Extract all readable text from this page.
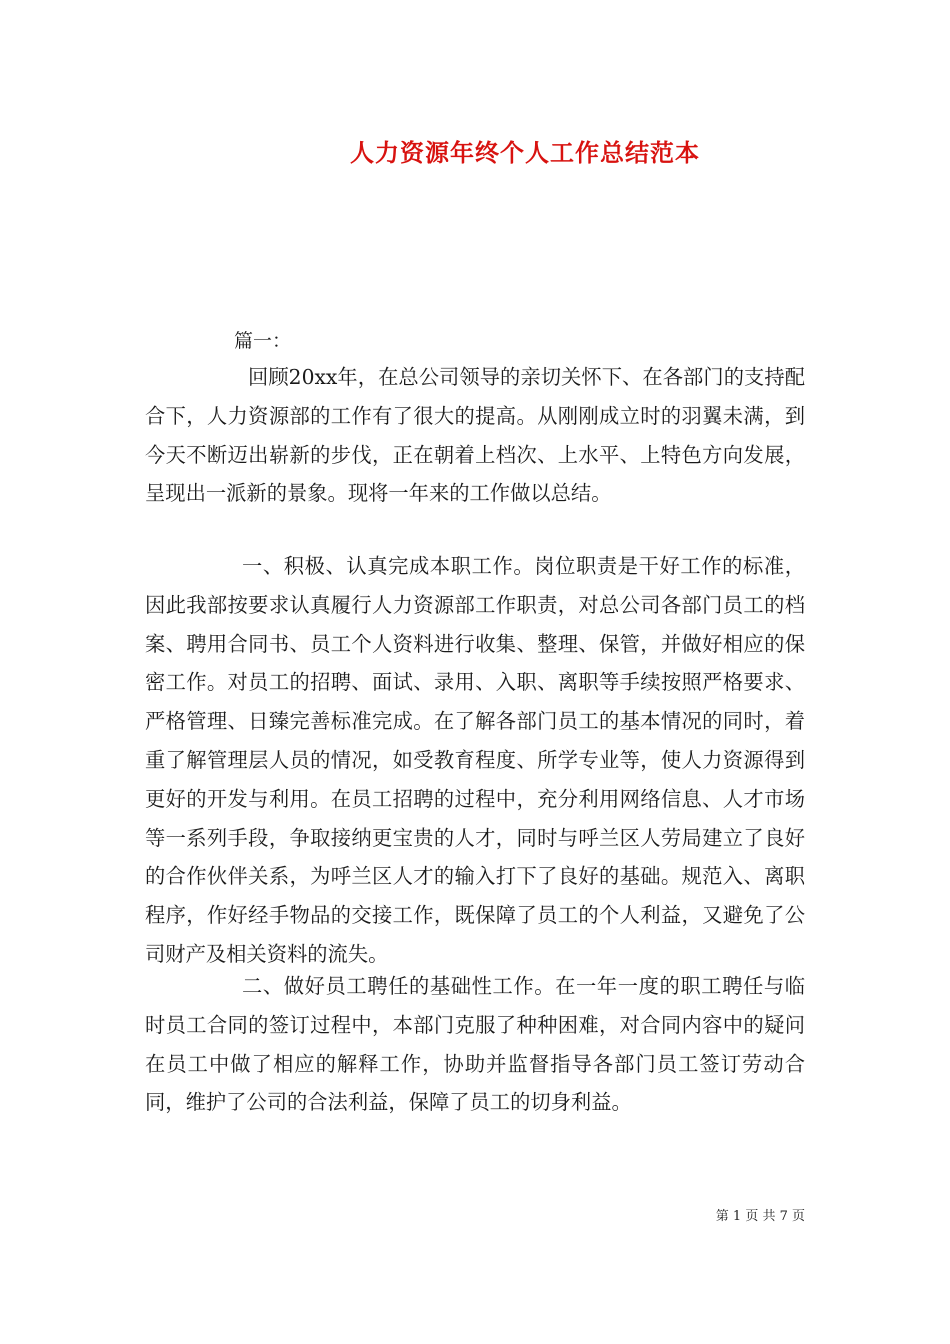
人力资源年终个人工作总结范本
篇一：

回顾20xx年，在总公司领导的亲切关怀下、在各部门的支持配合下，人力资源部的工作有了很大的提高。从刚刚成立时的羽翼未满，到今天不断迈出崭新的步伐，正在朝着上档次、上水平、上特色方向发展，呈现出一派新的景象。现将一年来的工作做以总结。

一、积极、认真完成本职工作。岗位职责是干好工作的标准，因此我部按要求认真履行人力资源部工作职责，对总公司各部门员工的档案、聘用合同书、员工个人资料进行收集、整理、保管，并做好相应的保密工作。对员工的招聘、面试、录用、入职、离职等手续按照严格要求、严格管理、日臻完善标准完成。在了解各部门员工的基本情况的同时，着重了解管理层人员的情况，如受教育程度、所学专业等，使人力资源得到更好的开发与利用。在员工招聘的过程中，充分利用网络信息、人才市场等一系列手段，争取接纳更宝贵的人才，同时与呼兰区人劳局建立了良好的合作伙伴关系，为呼兰区人才的输入打下了良好的基础。规范入、离职程序，作好经手物品的交接工作，既保障了员工的个人利益，又避免了公司财产及相关资料的流失。

二、做好员工聘任的基础性工作。在一年一度的职工聘任与临时员工合同的签订过程中，本部门克服了种种困难，对合同内容中的疑问在员工中做了相应的解释工作，协助并监督指导各部门员工签订劳动合同，维护了公司的合法利益，保障了员工的切身利益。

第 1 页 共 7 页
